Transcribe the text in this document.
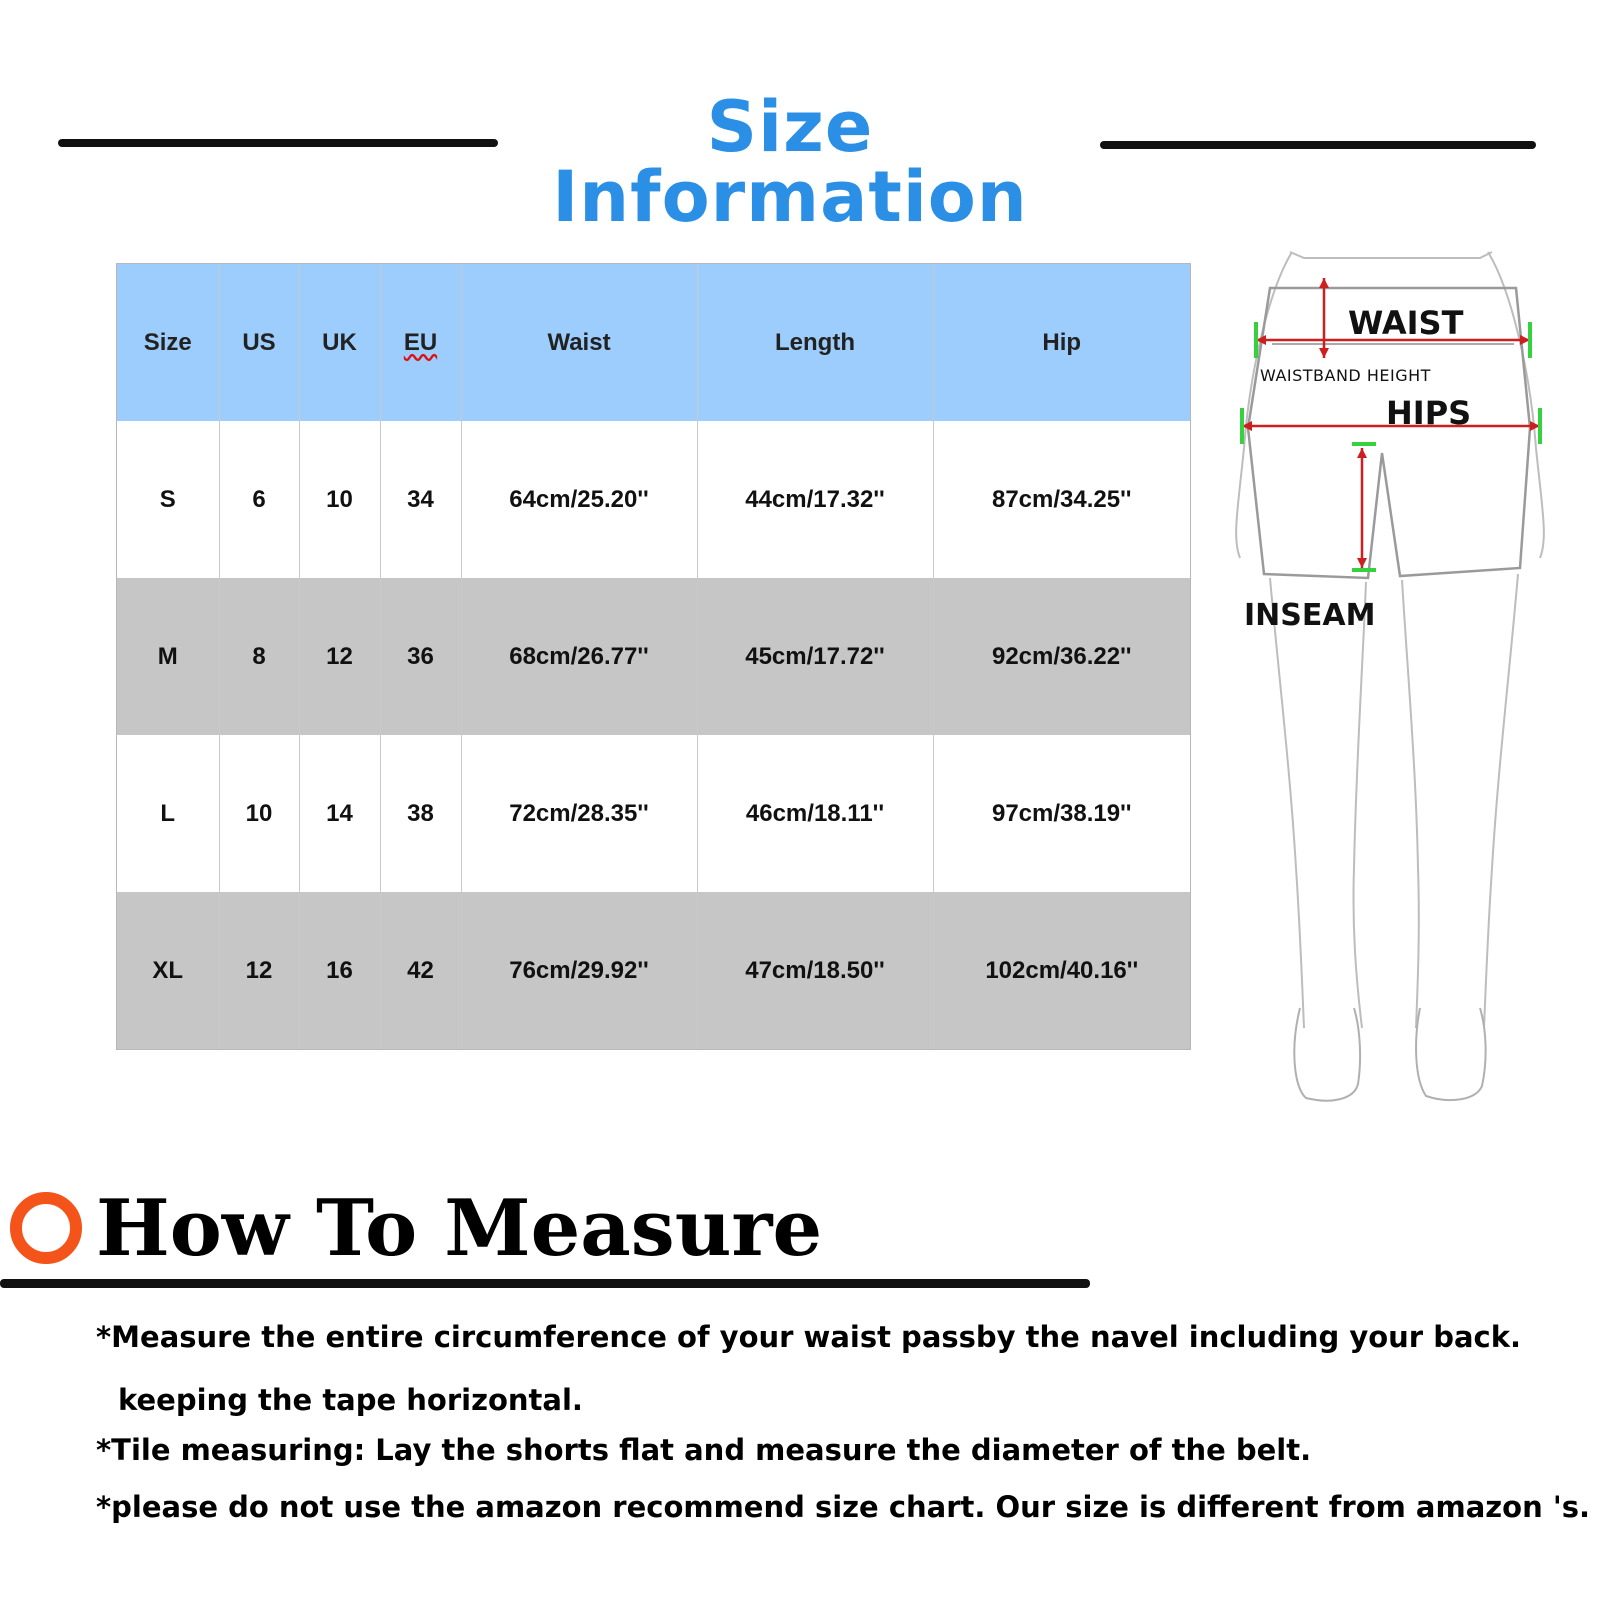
Size Information
Size	US	UK	EU	Waist	Length	Hip
S	6	10	34	64cm/25.20''	44cm/17.32''	87cm/34.25''
M	8	12	36	68cm/26.77''	45cm/17.72''	92cm/36.22''
L	10	14	38	72cm/28.35''	46cm/18.11''	97cm/38.19''
XL	12	16	42	76cm/29.92''	47cm/18.50''	102cm/40.16''
WAIST
WAISTBAND HEIGHT
HIPS
INSEAM
How To Measure
*Measure the entire circumference of your waist passby the navel including your back.
keeping the tape horizontal.
*Tile measuring: Lay the shorts flat and measure the diameter of the belt.
*please do not use the amazon recommend size chart. Our size is different from amazon 's.
